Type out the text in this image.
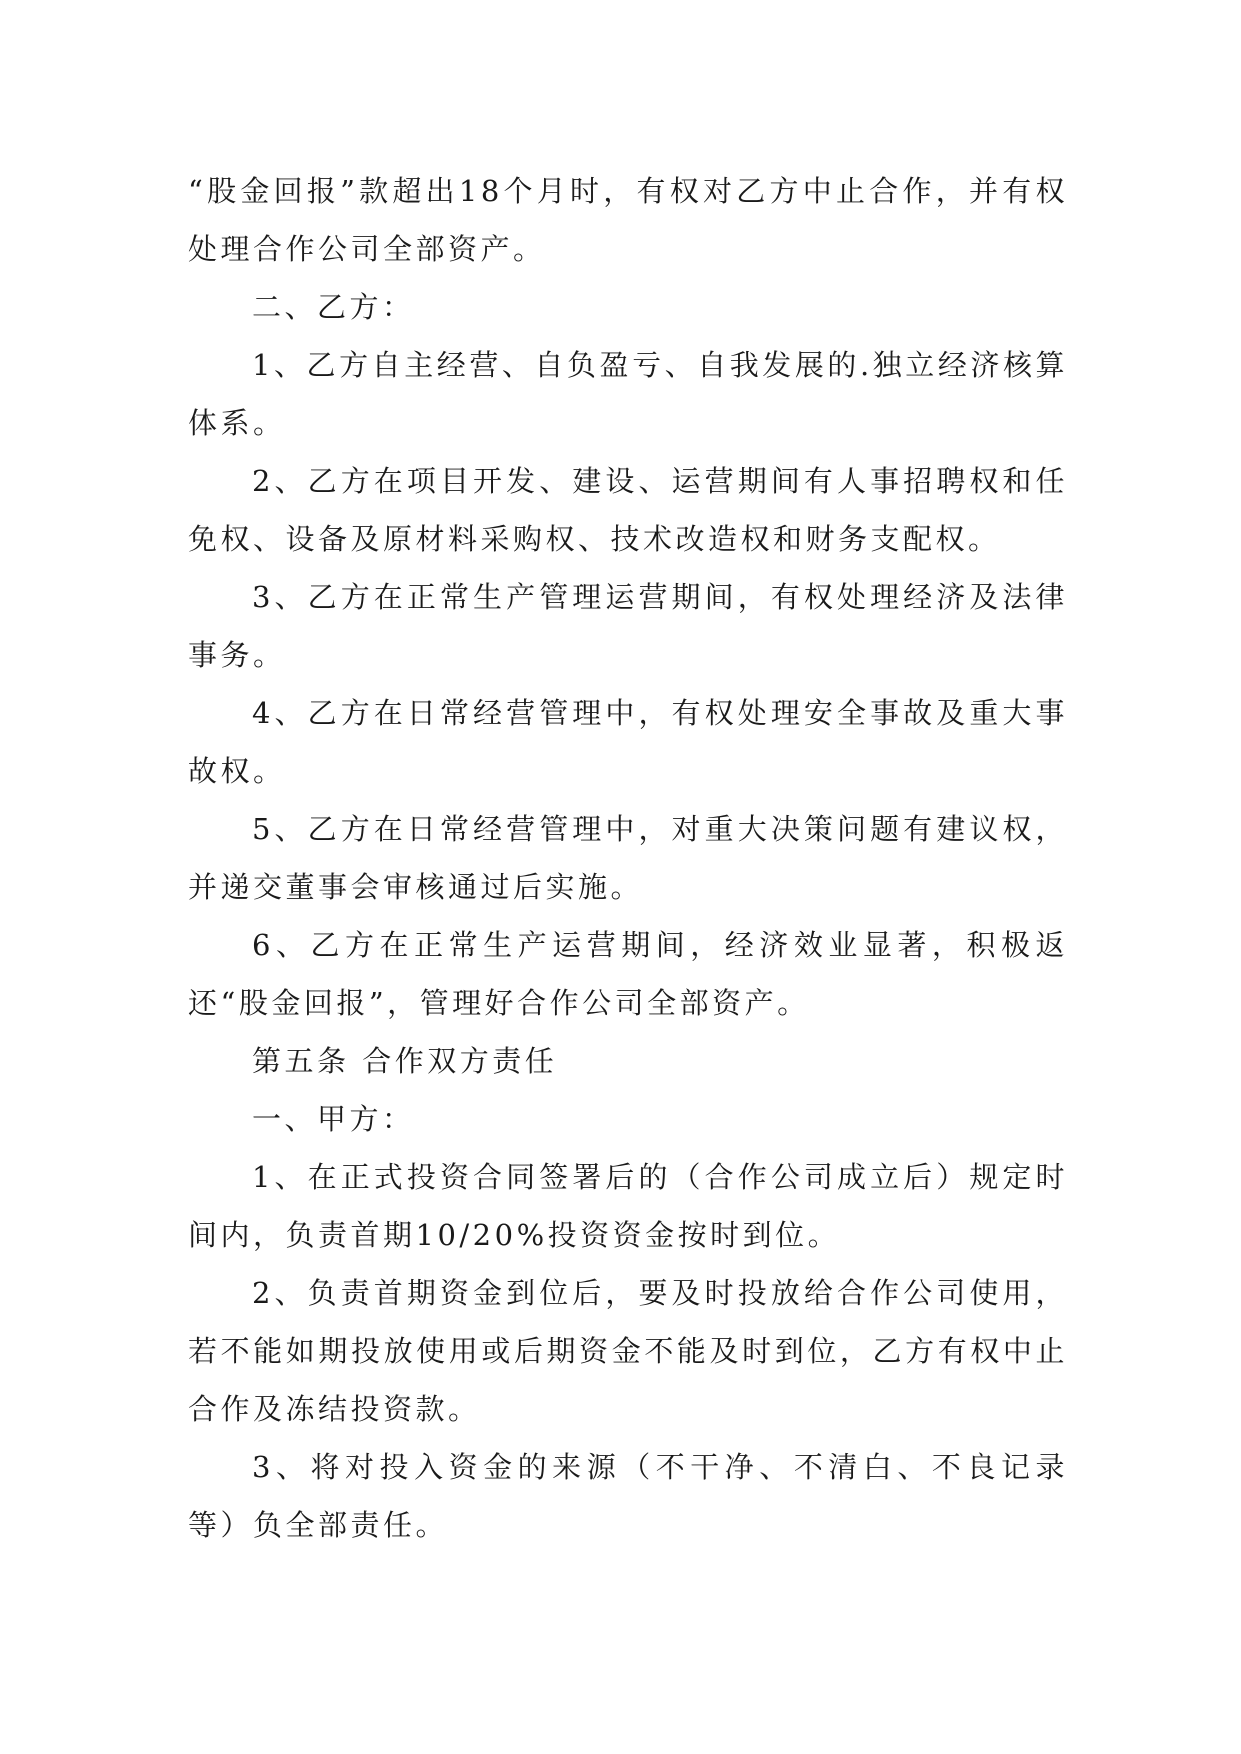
“股金回报”款超出18个月时，有权对乙方中止合作，并有权处理合作公司全部资产。

二、乙方：

1、乙方自主经营、自负盈亏、自我发展的.独立经济核算体系。

2、乙方在项目开发、建设、运营期间有人事招聘权和任免权、设备及原材料采购权、技术改造权和财务支配权。

3、乙方在正常生产管理运营期间，有权处理经济及法律事务。

4、乙方在日常经营管理中，有权处理安全事故及重大事故权。

5、乙方在日常经营管理中，对重大决策问题有建议权，并递交董事会审核通过后实施。

6、乙方在正常生产运营期间，经济效业显著，积极返还“股金回报”，管理好合作公司全部资产。

第五条 合作双方责任

一、甲方：

1、在正式投资合同签署后的（合作公司成立后）规定时间内，负责首期10/20%投资资金按时到位。

2、负责首期资金到位后，要及时投放给合作公司使用，若不能如期投放使用或后期资金不能及时到位，乙方有权中止合作及冻结投资款。

3、将对投入资金的来源（不干净、不清白、不良记录等）负全部责任。
